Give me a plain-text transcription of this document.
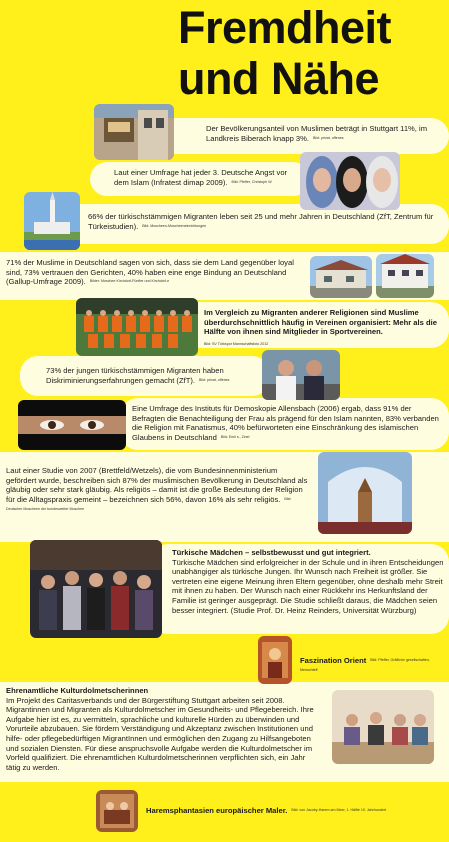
Fremdheit
und Nähe
Der Bevölkerungsanteil von Muslimen beträgt in Stuttgart 11%, im Landkreis Biberach knapp 3%. Bild: privat, offenes
Laut einer Umfrage hat jeder 3. Deutsche Angst vor dem Islam (Infratest dimap 2009). Bild: Pfeffer, Christoph W.
66% der türkischstämmigen Migranten leben seit 25 und mehr Jahren in Deutschland (ZfT, Zentrum für Türkeistudien). Bild: Moscheen-Moscheeneinrichtungen
71% der Muslime in Deutschland sagen von sich, dass sie dem Land gegenüber loyal sind, 73% vertrauen den Gerichten, 40% haben eine enge Bindung an Deutschland (Gallup-Umfrage 2009). Bilder: Moschee Kirchdorf-Fünfter und Kirchdorf-e
Im Vergleich zu Migranten anderer Religionen sind Muslime überdurchschnittlich häufig in Vereinen organisiert: Mehr als die Hälfte von ihnen sind Mitglieder in Sportvereinen.
Bild: SV Türkspor Mannschaftsfoto 2012
73% der jungen türkischstämmigen Migranten haben Diskriminierungserfahrungen gemacht (ZfT). Bild: privat, offenes
Eine Umfrage des Instituts für Demoskopie Allensbach (2006) ergab, dass 91% der Befragten die Benachteiligung der Frau als prägend für den Islam nannten, 83% verbanden die Religion mit Fanatismus, 40% befürworteten eine Einschränkung des islamischen Glaubens in Deutschland Bild: Emil s., Zinel
Laut einer Studie von 2007 (Brettfeld/Wetzels), die vom Bundesinnenministerium gefördert wurde, beschreiben sich 87% der muslimischen Bevölkerung in Deutschland als gläubig oder sehr stark gläubig. Als religiös – damit ist die große Bedeutung der Religion für die Alltagspraxis gemeint – bezeichnen sich 56%, davon 16% als sehr religiös. Bild: Deutscher Moscheen der bundesweiter Moschee
Türkische Mädchen – selbstbewusst und gut integriert.
Türkische Mädchen sind erfolgreicher in der Schule und in ihren Entscheidungen unabhängiger als türkische Jungen. Ihr Wunsch nach Freiheit ist größer. Sie vertreten eine eigene Meinung ihren Eltern gegenüber, ohne deshalb mehr Streit mit ihnen zu haben. Der Wunsch nach einer Rückkehr ins Herkunftsland der Familie ist geringer ausgeprägt. Die Studie schließt daraus, die Mädchen seien besser integriert. (Studie Prof. Dr. Heinz Reinders, Universität Würzburg)
Faszination Orient Bild: Pfeffer, Gräfliche gesellschaften, Menschfeff
Ehrenamtliche Kulturdolmetscherinnen
Im Projekt des Caritasverbands und der Bürgerstiftung Stuttgart arbeiten seit 2008. Migrantinnen und Migranten als Kulturdolmetscher im Gesundheits- und Pflegebereich. Ihre Aufgabe hier ist es, zu vermitteln, sprachliche und kulturelle Hürden zu überwinden und Vorurteile abzubauen. Sie fördern Verständigung und Akzeptanz zwischen Institutionen und hilfe- oder pflegebedürftigen MigrantInnen und ermöglichen den Zugang zu Hilfsangeboten und sozialen Diensten. Für diese anspruchsvolle Aufgabe werden die Kulturdolmetscher im Vorfeld qualifiziert. Die ehrenamtlichen Kulturdolmetscherinnen verpflichten sich, ein Jahr tätig zu werden.
Haremsphantasien europäischer Maler. Bild: von Jacoby-Harem am Meer, 1. Hälfte 19. Jahrhundert
